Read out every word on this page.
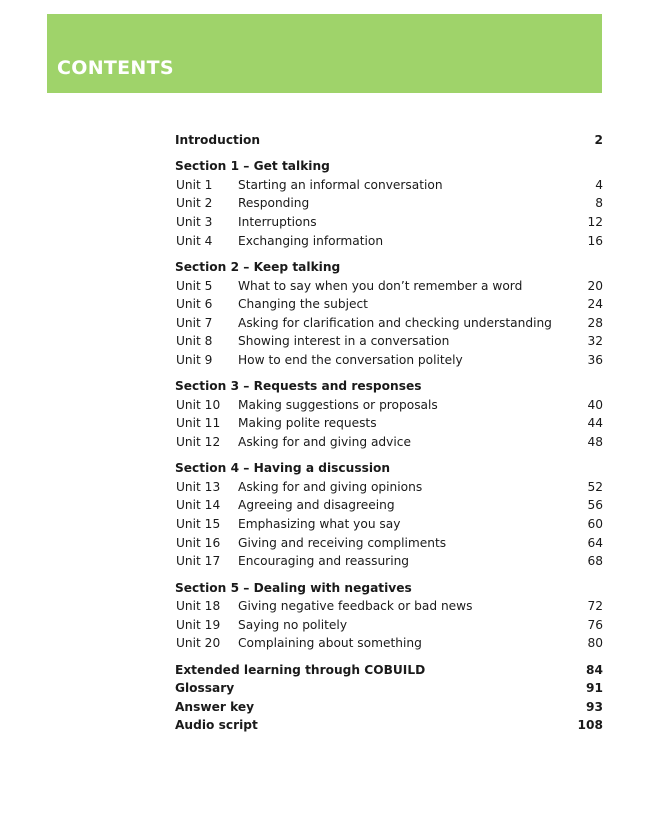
CONTENTS
Introduction	2
Section 1 – Get talking
Unit 1 Starting an informal conversation	4
Unit 2 Responding	8
Unit 3 Interruptions	12
Unit 4 Exchanging information	16
Section 2 – Keep talking
Unit 5 What to say when you don’t remember a word	20
Unit 6 Changing the subject	24
Unit 7 Asking for clarification and checking understanding	28
Unit 8 Showing interest in a conversation	32
Unit 9 How to end the conversation politely	36
Section 3 – Requests and responses
Unit 10 Making suggestions or proposals	40
Unit 11 Making polite requests	44
Unit 12 Asking for and giving advice	48
Section 4 – Having a discussion
Unit 13 Asking for and giving opinions	52
Unit 14 Agreeing and disagreeing	56
Unit 15 Emphasizing what you say	60
Unit 16 Giving and receiving compliments	64
Unit 17 Encouraging and reassuring	68
Section 5 – Dealing with negatives
Unit 18 Giving negative feedback or bad news	72
Unit 19 Saying no politely	76
Unit 20 Complaining about something	80
Extended learning through COBUILD	84
Glossary	91
Answer key	93
Audio script	108
